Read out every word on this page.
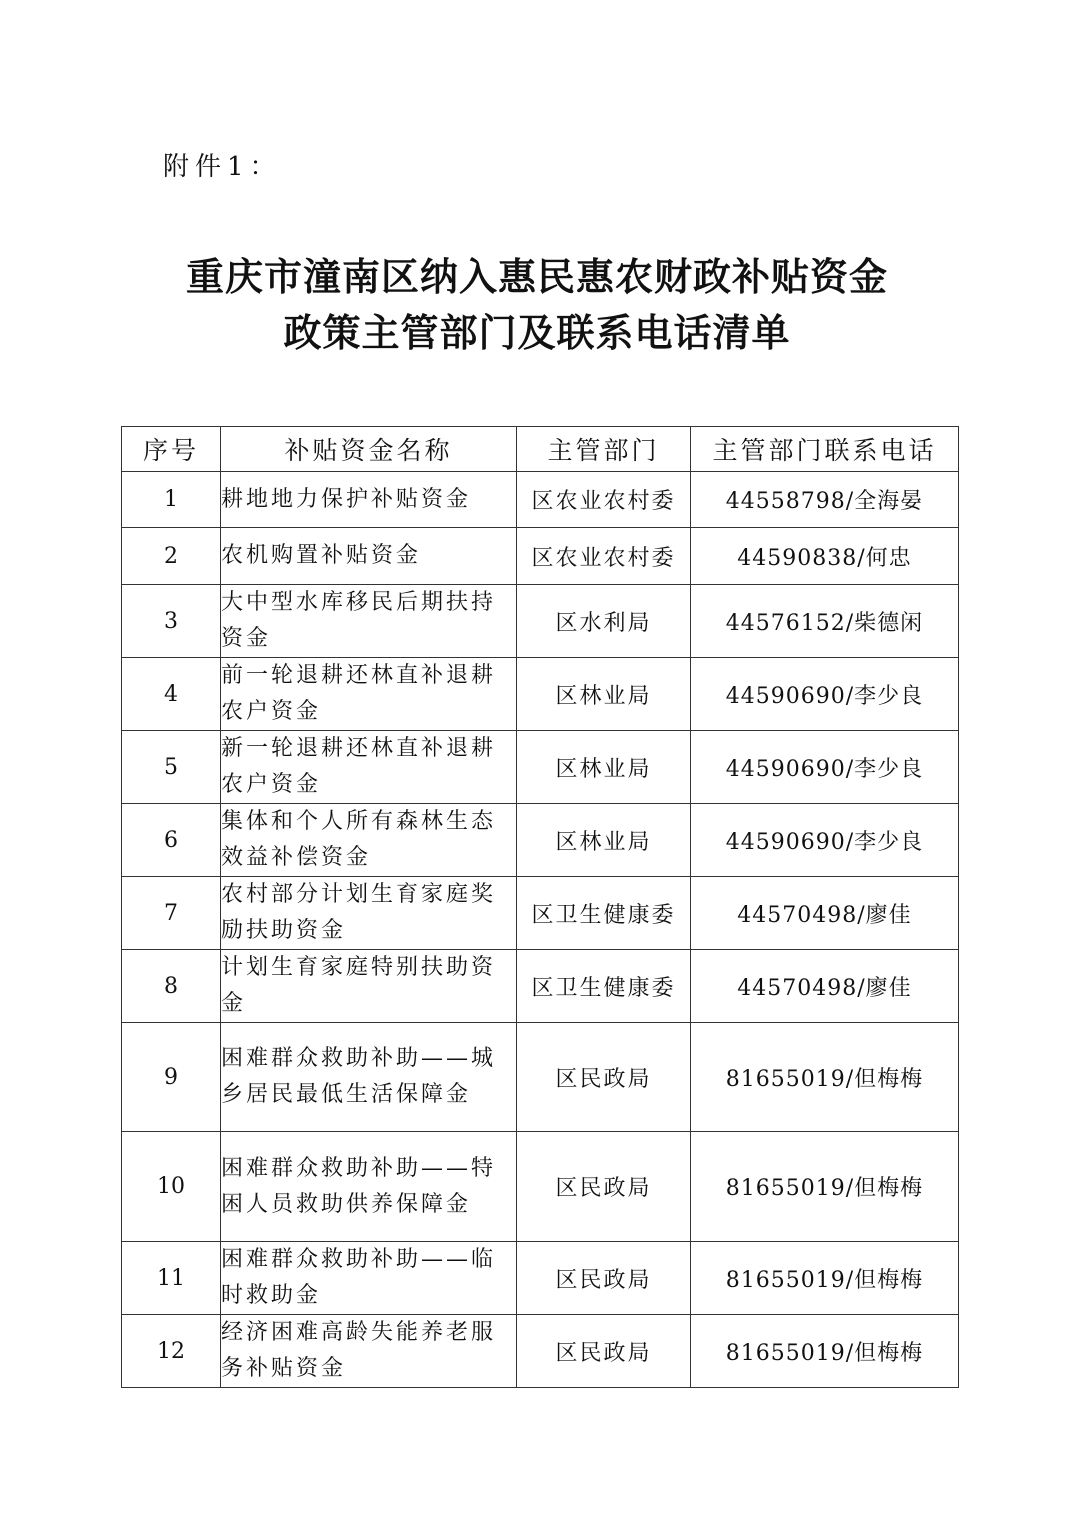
附件1：
重庆市潼南区纳入惠民惠农财政补贴资金
政策主管部门及联系电话清单
序号	补贴资金名称	主管部门	主管部门联系电话
1	耕地地力保护补贴资金	区农业农村委	44558798/全海晏
2	农机购置补贴资金	区农业农村委	44590838/何忠
3	大中型水库移民后期扶持资金	区水利局	44576152/柴德闲
4	前一轮退耕还林直补退耕农户资金	区林业局	44590690/李少良
5	新一轮退耕还林直补退耕农户资金	区林业局	44590690/李少良
6	集体和个人所有森林生态效益补偿资金	区林业局	44590690/李少良
7	农村部分计划生育家庭奖励扶助资金	区卫生健康委	44570498/廖佳
8	计划生育家庭特别扶助资金	区卫生健康委	44570498/廖佳
9	困难群众救助补助——城乡居民最低生活保障金	区民政局	81655019/但梅梅
10	困难群众救助补助——特困人员救助供养保障金	区民政局	81655019/但梅梅
11	困难群众救助补助——临时救助金	区民政局	81655019/但梅梅
12	经济困难高龄失能养老服务补贴资金	区民政局	81655019/但梅梅
